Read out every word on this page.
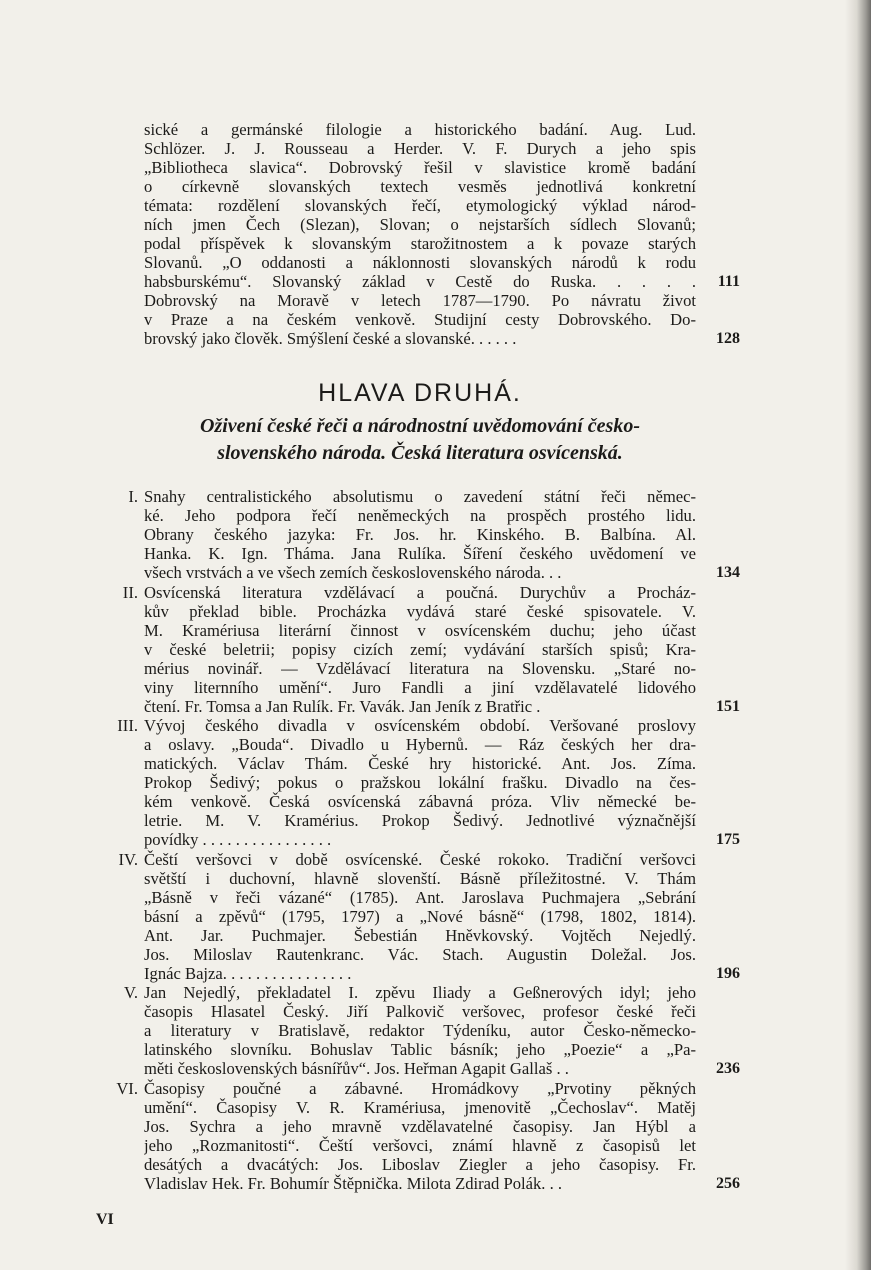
sické a germánské filologie a historického badání. Aug. Lud.
Schlözer. J. J. Rousseau a Herder. V. F. Durych a jeho spis
„Bibliotheca slavica“. Dobrovský řešil v slavistice kromě badání
o církevně slovanských textech vesměs jednotlivá konkretní
témata: rozdělení slovanských řečí, etymologický výklad národ-
ních jmen Čech (Slezan), Slovan; o nejstarších sídlech Slovanů;
podal příspěvek k slovanským starožitnostem a k povaze starých
Slovanů. „O oddanosti a náklonnosti slovanských národů k rodu
habsburskému“. Slovanský základ v Cestě do Ruska. . . . .	111
Dobrovský na Moravě v letech 1787—1790. Po návratu život
v Praze a na českém venkově. Studijní cesty Dobrovského. Do-
brovský jako člověk. Smýšlení české a slovanské. . . . . .	128
HLAVA DRUHÁ.
Oživení české řeči a národnostní uvědomování česko-
slovenského národa. Česká literatura osvícenská.
I. Snahy centralistického absolutismu o zavedení státní řeči němec-
ké. Jeho podpora řečí neněmeckých na prospěch prostého lidu.
Obrany českého jazyka: Fr. Jos. hr. Kinského. B. Balbína. Al.
Hanka. K. Ign. Tháma. Jana Rulíka. Šíření českého uvědomení ve
všech vrstvách a ve všech zemích československého národa. . .	134
II. Osvícenská literatura vzdělávací a poučná. Durychův a Procház-
kův překlad bible. Procházka vydává staré české spisovatele. V.
M. Kramériusa literární činnost v osvícenském duchu; jeho účast
v české beletrii; popisy cizích zemí; vydávání starších spisů; Kra-
mérius novinář. — Vzdělávací literatura na Slovensku. „Staré no-
viny liternního umění“. Juro Fandli a jiní vzdělavatelé lidového
čtení. Fr. Tomsa a Jan Rulík. Fr. Vavák. Jan Jeník z Bratřic .	151
III. Vývoj českého divadla v osvícenském období. Veršované proslovy
a oslavy. „Bouda“. Divadlo u Hybernů. — Ráz českých her dra-
matických. Václav Thám. České hry historické. Ant. Jos. Zíma.
Prokop Šedivý; pokus o pražskou lokální frašku. Divadlo na čes-
kém venkově. Česká osvícenská zábavná próza. Vliv německé be-
letrie. M. V. Kramérius. Prokop Šedivý. Jednotlivé význačnější
povídky . . . . . . . . . . . . . . . .	175
IV. Čeští veršovci v době osvícenské. České rokoko. Tradiční veršovci
světští i duchovní, hlavně slovenští. Básně příležitostné. V. Thám
„Básně v řeči vázané“ (1785). Ant. Jaroslava Puchmajera „Sebrání
básní a zpěvů“ (1795, 1797) a „Nové básně“ (1798, 1802, 1814).
Ant. Jar. Puchmajer. Šebestián Hněvkovský. Vojtěch Nejedlý.
Jos. Miloslav Rautenkranc. Vác. Stach. Augustin Doležal. Jos.
Ignác Bajza. . . . . . . . . . . . . . . .	196
V. Jan Nejedlý, překladatel I. zpěvu Iliady a Geßnerových idyl; jeho
časopis Hlasatel Český. Jiří Palkovič veršovec, profesor české řeči
a literatury v Bratislavě, redaktor Týdeníku, autor Česko-německo-
latinského slovníku. Bohuslav Tablic básník; jeho „Poezie“ a „Pa-
měti československých básnířův“. Jos. Heřman Agapit Gallaš . .	236
VI. Časopisy poučné a zábavné. Hromádkovy „Prvotiny pěkných
umění“. Časopisy V. R. Kramériusa, jmenovitě „Čechoslav“. Matěj
Jos. Sychra a jeho mravně vzdělavatelné časopisy. Jan Hýbl a
jeho „Rozmanitosti“. Čeští veršovci, známí hlavně z časopisů let
desátých a dvacátých: Jos. Liboslav Ziegler a jeho časopisy. Fr.
Vladislav Hek. Fr. Bohumír Štěpnička. Milota Zdirad Polák. . .	256
VI
